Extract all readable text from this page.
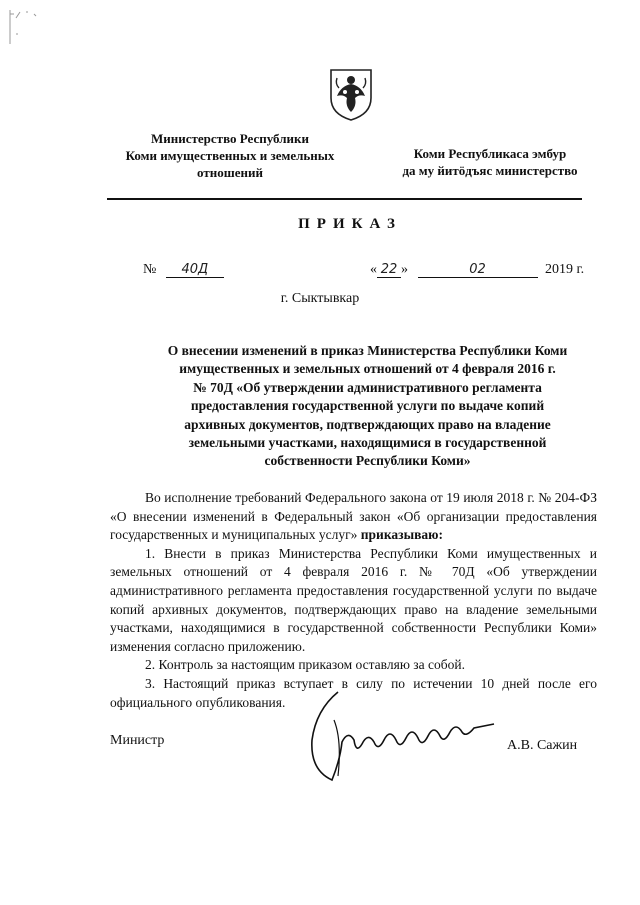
Министерство Республики
Коми имущественных и земельных
отношений
Коми Республикаса эмбур
да му йитӧдъяс министерство
ПРИКАЗ
№ 40Д	« 22 »	02	2019 г.
г. Сыктывкар
О внесении изменений в приказ Министерства Республики Коми
имущественных и земельных отношений от 4 февраля 2016 г.
№ 70Д «Об утверждении административного регламента
предоставления государственной услуги по выдаче копий
архивных документов, подтверждающих право на владение
земельными участками, находящимися в государственной
собственности Республики Коми»

Во исполнение требований Федерального закона от 19 июля 2018 г. № 204-ФЗ «О внесении изменений в Федеральный закон «Об организации предоставления государственных и муниципальных услуг» приказываю:

1. Внести в приказ Министерства Республики Коми имущественных и земельных отношений от 4 февраля 2016 г. № 70Д «Об утверждении административного регламента предоставления государственной услуги по выдаче копий архивных документов, подтверждающих право на владение земельными участками, находящимися в государственной собственности Республики Коми» изменения согласно приложению.

2. Контроль за настоящим приказом оставляю за собой.

3. Настоящий приказ вступает в силу по истечении 10 дней после его официального опубликования.

Министр	А.В. Сажин
